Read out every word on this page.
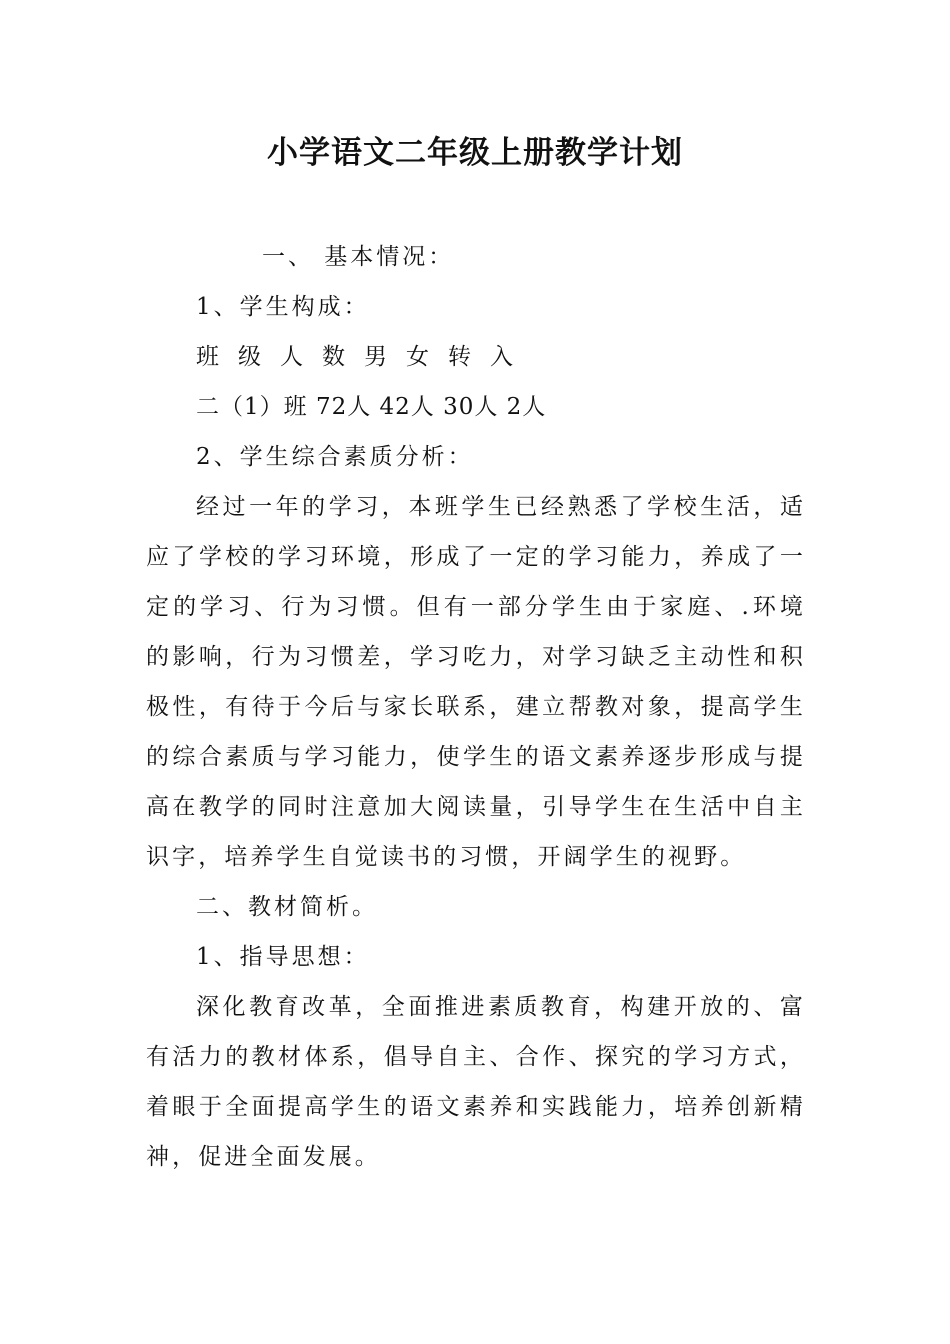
小学语文二年级上册教学计划

一、 基本情况：

1、学生构成：

班级人数男女转入

二（1）班 72人 42人 30人 2人

2、学生综合素质分析：

经过一年的学习，本班学生已经熟悉了学校生活，适应了学校的学习环境，形成了一定的学习能力，养成了一定的学习、行为习惯。但有一部分学生由于家庭、.环境的影响，行为习惯差，学习吃力，对学习缺乏主动性和积极性，有待于今后与家长联系，建立帮教对象，提高学生的综合素质与学习能力，使学生的语文素养逐步形成与提高在教学的同时注意加大阅读量，引导学生在生活中自主识字，培养学生自觉读书的习惯，开阔学生的视野。

二、教材简析。

1、指导思想：

深化教育改革，全面推进素质教育，构建开放的、富有活力的教材体系，倡导自主、合作、探究的学习方式，着眼于全面提高学生的语文素养和实践能力，培养创新精神，促进全面发展。
